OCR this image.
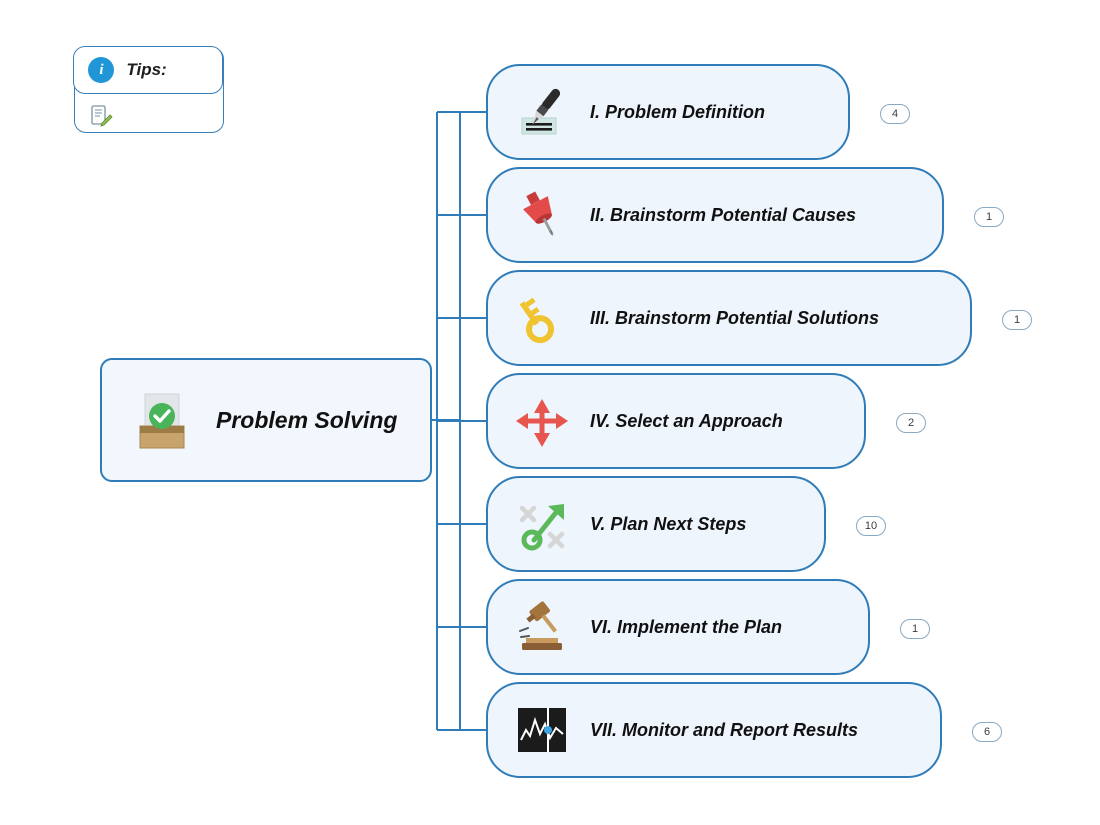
i	Tips:
Problem Solving
I. Problem Definition	4
II. Brainstorm Potential Causes	1
III. Brainstorm Potential Solutions	1
IV. Select an Approach	2
V. Plan Next Steps	10
VI. Implement the Plan	1
VII. Monitor and Report Results	6
